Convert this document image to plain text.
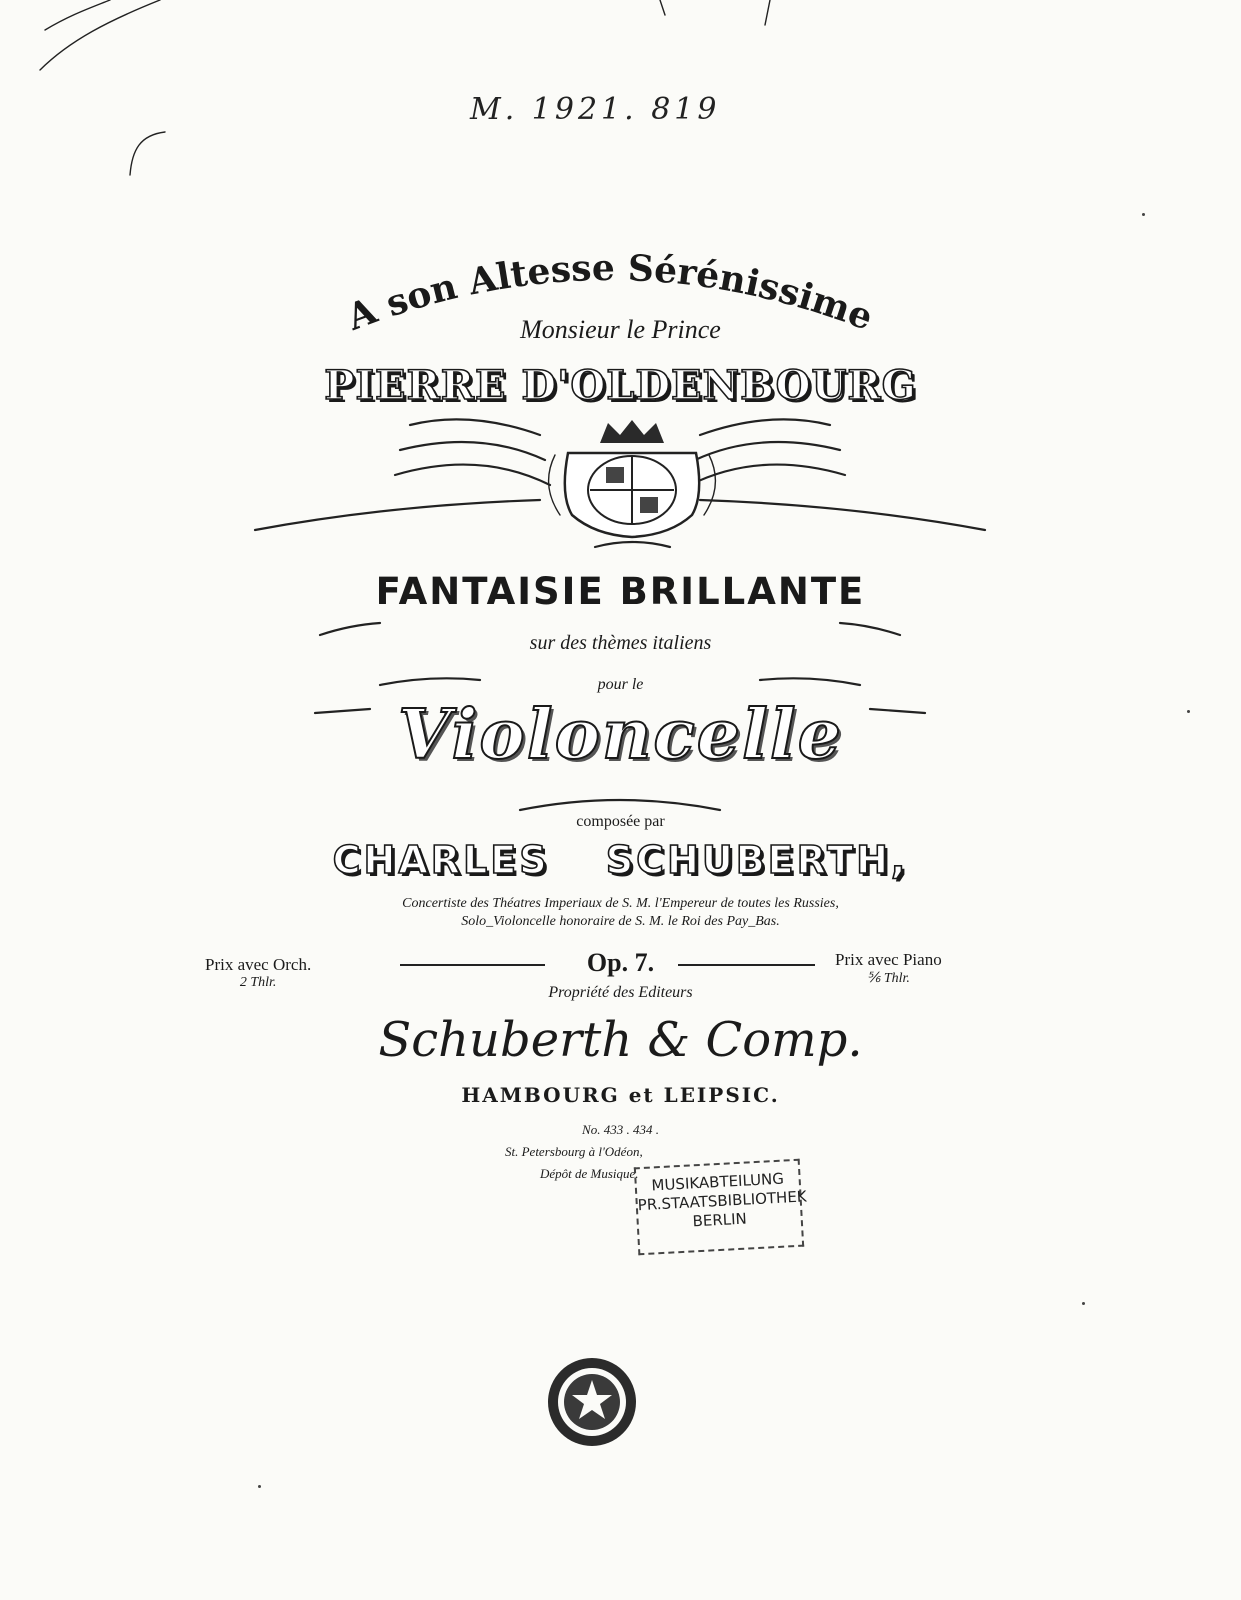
M. 1921. 819
A son Altesse Sérénissime
Monsieur le Prince
PIERRE D'OLDENBOURG
FANTAISIE BRILLANTE
sur des thèmes italiens
pour le
Violoncelle
composée par
CHARLES SCHUBERTH,
Concertiste des Théatres Imperiaux de S. M. l'Empereur de toutes les Russies,
Solo_Violoncelle honoraire de S. M. le Roi des Pay_Bas.
Prix avec Orch.
2 Thlr.
Op. 7.	Prix avec Piano
⅚ Thlr.
Propriété des Editeurs
Schuberth & Comp.
HAMBOURG et LEIPSIC.
No. 433 . 434 .
St. Petersbourg à l'Odéon,
Dépôt de Musique. MUSIKABTEILUNG
PR.STAATSBIBLIOTHEK
BERLIN
